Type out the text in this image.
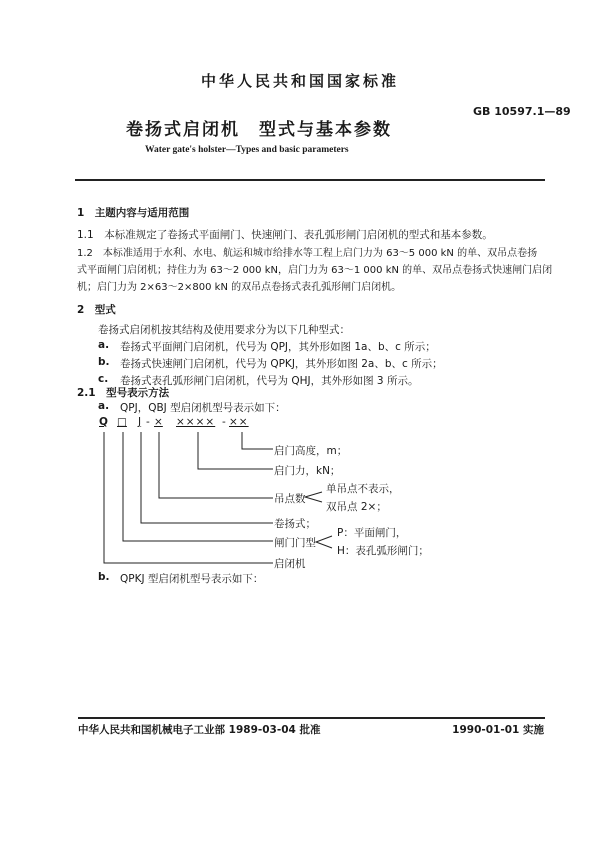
中华人民共和国国家标准
GB 10597.1—89
卷扬式启闭机　型式与基本参数
Water gate's holster—Types and basic parameters
1　主题内容与适用范围
1.1　本标准规定了卷扬式平面闸门、快速闸门、表孔弧形闸门启闭机的型式和基本参数。
1.2　本标准适用于水利、水电、航运和城市给排水等工程上启门力为 63～5 000 kN 的单、双吊点卷扬
式平面闸门启闭机；持住力为 63～2 000 kN，启门力为 63～1 000 kN 的单、双吊点卷扬式快速闸门启闭
机；启门力为 2×63～2×800 kN 的双吊点卷扬式表孔弧形闸门启闭机。
2　型式
卷扬式启闭机按其结构及使用要求分为以下几种型式：
a. 卷扬式平面闸门启闭机，代号为 QPJ，其外形如图 1a、b、c 所示；
b. 卷扬式快速闸门启闭机，代号为 QPKJ，其外形如图 2a、b、c 所示；
c. 卷扬式表孔弧形闸门启闭机，代号为 QHJ，其外形如图 3 所示。
2.1　型号表示方法
a. QPJ，QBJ 型启闭机型号表示如下：
Q □ J - × ×××× - ××
启门高度，m；
启门力，kN；
吊点数
单吊点不表示，
双吊点 2×；
卷扬式；
闸门门型
P：平面闸门，
H：表孔弧形闸门；
启闭机
b. QPKJ 型启闭机型号表示如下：
中华人民共和国机械电子工业部 1989-03-04 批准	1990-01-01 实施
